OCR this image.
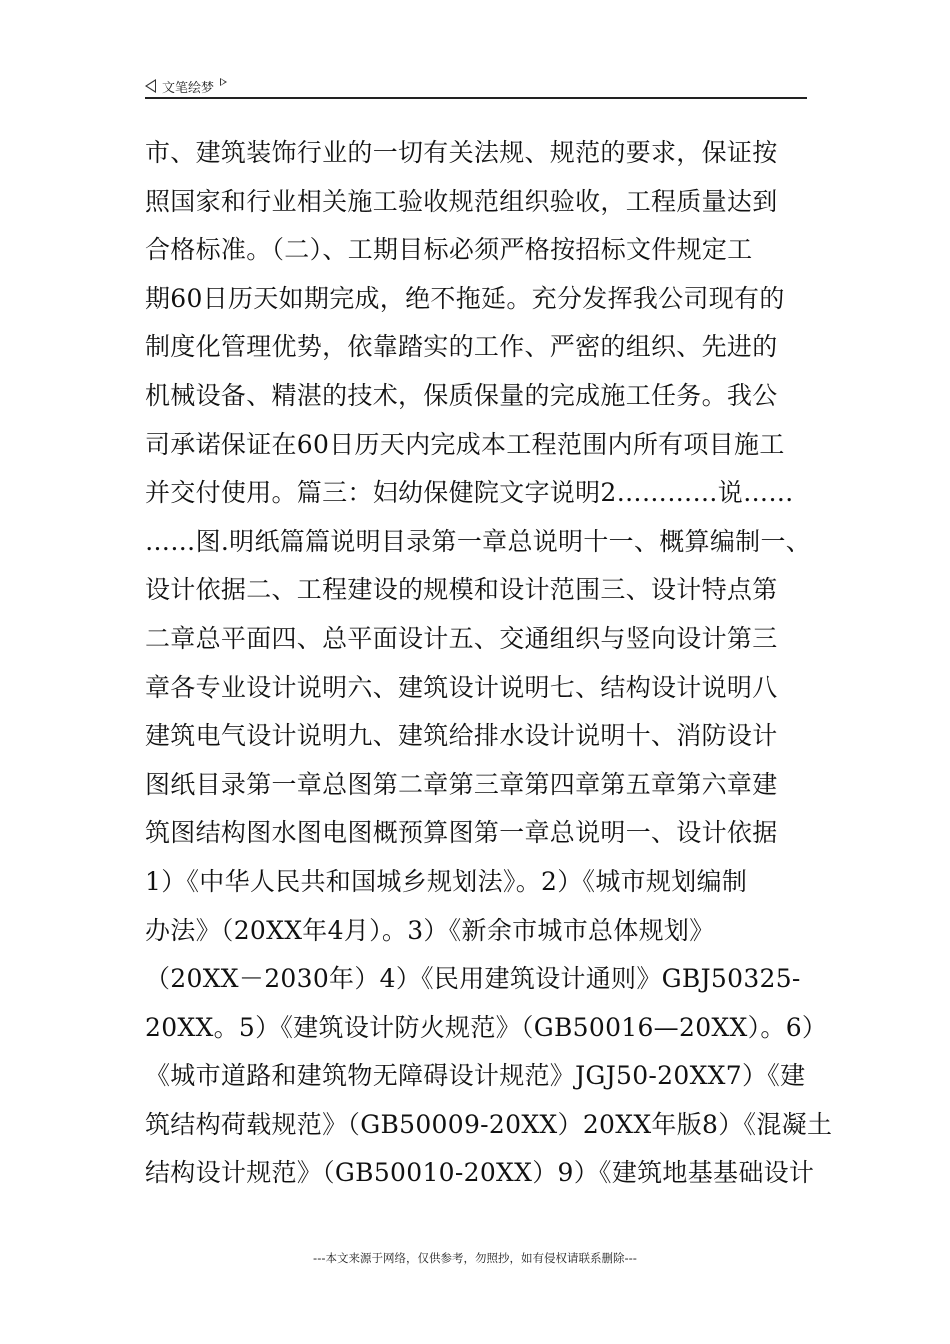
文笔绘梦
市、建筑装饰行业的一切有关法规、规范的要求，保证按
照国家和行业相关施工验收规范组织验收，工程质量达到
合格标准。（二）、工期目标必须严格按招标文件规定工
期60日历天如期完成，绝不拖延。充分发挥我公司现有的
制度化管理优势，依靠踏实的工作、严密的组织、先进的
机械设备、精湛的技术，保质保量的完成施工任务。我公
司承诺保证在60日历天内完成本工程范围内所有项目施工
并交付使用。篇三：妇幼保健院文字说明2…………说……
……图.明纸篇篇说明目录第一章总说明十一、概算编制一、
设计依据二、工程建设的规模和设计范围三、设计特点第
二章总平面四、总平面设计五、交通组织与竖向设计第三
章各专业设计说明六、建筑设计说明七、结构设计说明八
建筑电气设计说明九、建筑给排水设计说明十、消防设计
图纸目录第一章总图第二章第三章第四章第五章第六章建
筑图结构图水图电图概预算图第一章总说明一、设计依据
1）《中华人民共和国城乡规划法》。2）《城市规划编制
办法》（20XX年4月）。3）《新余市城市总体规划》
（20XX－2030年）4）《民用建筑设计通则》GBJ50325-
20XX。5）《建筑设计防火规范》（GB50016—20XX）。6）
《城市道路和建筑物无障碍设计规范》JGJ50-20XX7）《建
筑结构荷载规范》（GB50009-20XX）20XX年版8）《混凝土
结构设计规范》（GB50010-20XX）9）《建筑地基基础设计
---本文来源于网络，仅供参考，勿照抄，如有侵权请联系删除---
